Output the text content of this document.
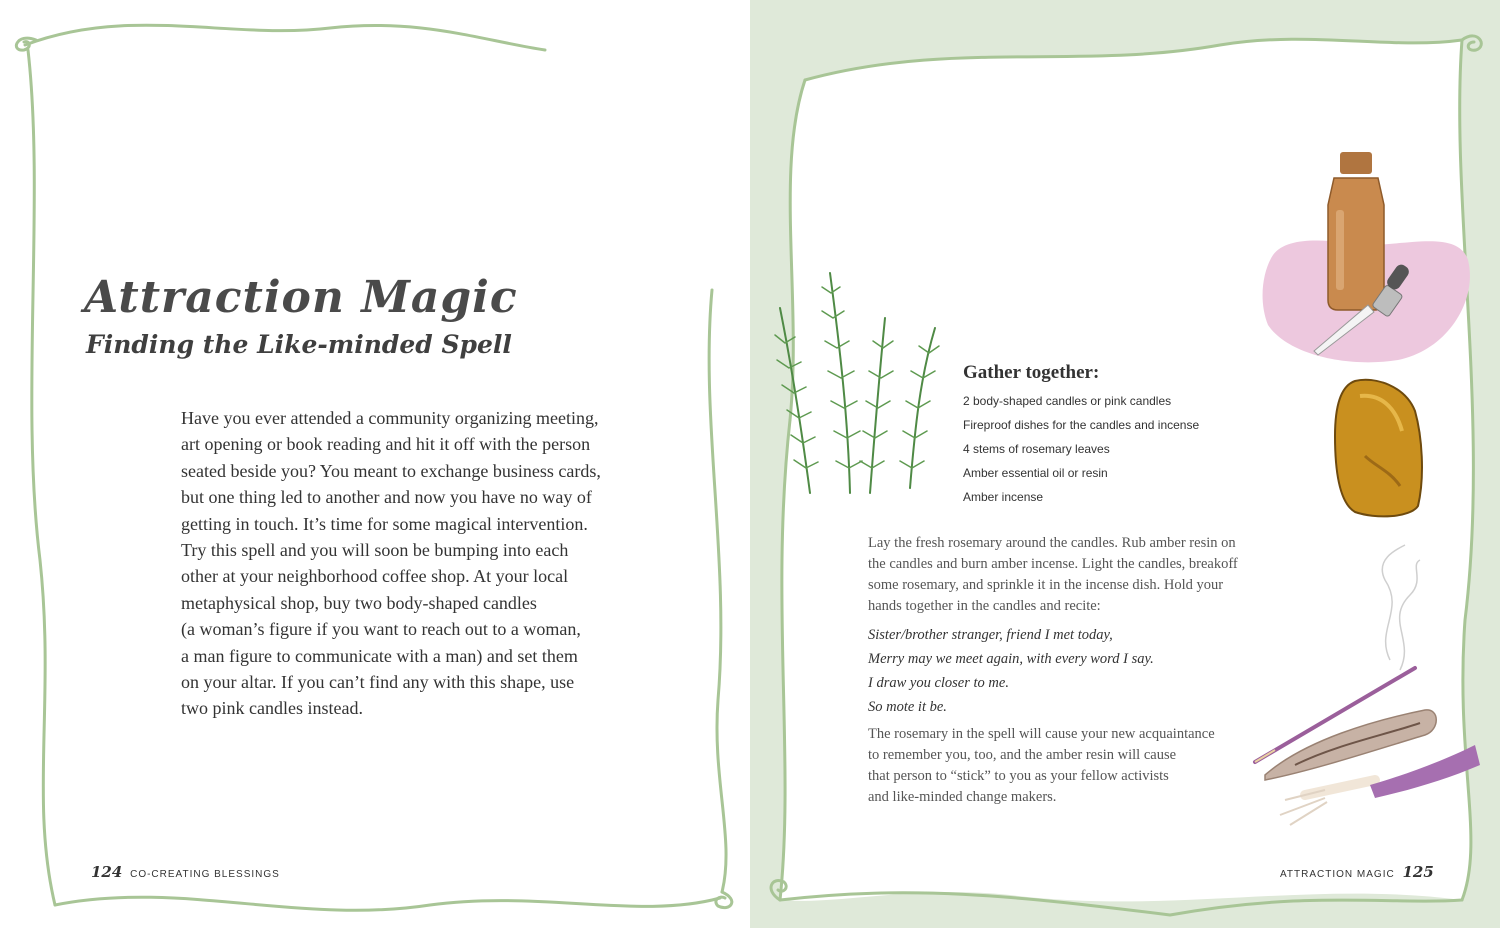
Attraction Magic
Finding the Like-minded Spell

Have you ever attended a community organizing meeting,
art opening or book reading and hit it off with the person
seated beside you? You meant to exchange business cards,
but one thing led to another and now you have no way of
getting in touch. It’s time for some magical intervention.
Try this spell and you will soon be bumping into each
other at your neighborhood coffee shop. At your local
metaphysical shop, buy two body-shaped candles
(a woman’s figure if you want to reach out to a woman,
a man figure to communicate with a man) and set them
on your altar. If you can’t find any with this shape, use
two pink candles instead.

124 CO-CREATING BLESSINGS
Gather together:
2 body-shaped candles or pink candles
Fireproof dishes for the candles and incense
4 stems of rosemary leaves
Amber essential oil or resin
Amber incense

Lay the fresh rosemary around the candles. Rub amber resin on
the candles and burn amber incense. Light the candles, breakoff
some rosemary, and sprinkle it in the incense dish. Hold your
hands together in the candles and recite:

Sister/brother stranger, friend I met today,
Merry may we meet again, with every word I say.
I draw you closer to me.
So mote it be.

The rosemary in the spell will cause your new acquaintance
to remember you, too, and the amber resin will cause
that person to “stick” to you as your fellow activists
and like-minded change makers.

ATTRACTION MAGIC 125
